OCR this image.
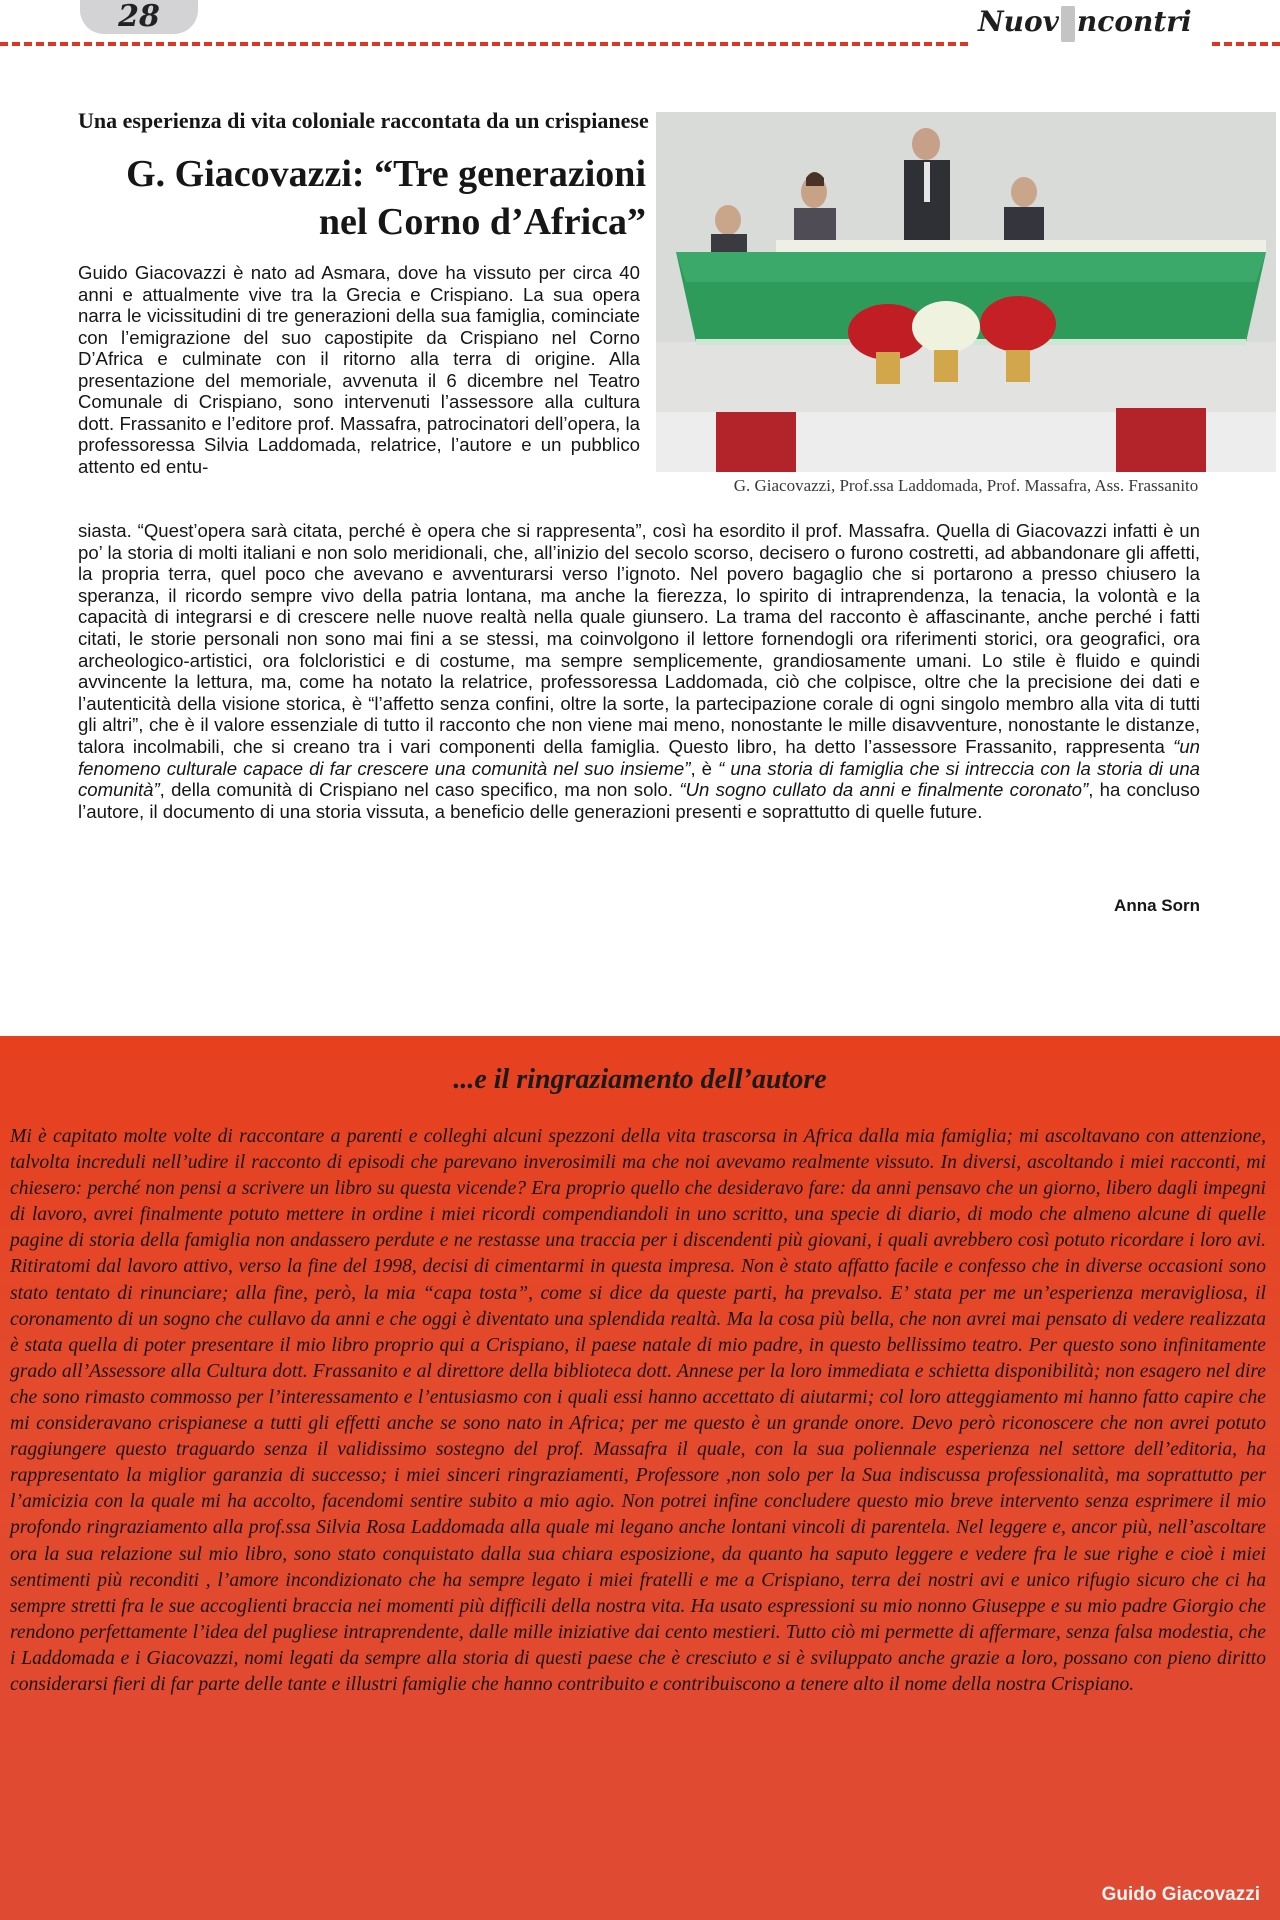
28	Nuov ncontri
Una esperienza di vita coloniale raccontata da un crispianese
G. Giacovazzi: “Tre generazioni
nel Corno d’Africa”
G. Giacovazzi, Prof.ssa Laddomada, Prof. Massafra, Ass. Frassanito

Guido Giacovazzi è nato ad Asmara, dove ha vissuto per circa 40 anni e attualmente vive tra la Grecia e Crispiano. La sua opera narra le vicissitudini di tre generazioni della sua famiglia, cominciate con l’emigrazione del suo capostipite da Crispiano nel Corno D’Africa e culminate con il ritorno alla terra di origine. Alla presentazione del memoriale, avvenuta il 6 dicembre nel Teatro Comunale di Crispiano, sono intervenuti l’assessore alla cultura dott. Frassanito e l’editore prof. Massafra, patrocinatori dell’opera, la professoressa Silvia Laddomada, relatrice, l’autore e un pubblico attento ed entu-

siasta. “Quest’opera sarà citata, perché è opera che si rappresenta”, così ha esordito il prof. Massafra. Quella di Giacovazzi infatti è un po’ la storia di molti italiani e non solo meridionali, che, all’inizio del secolo scorso, decisero o furono costretti, ad abbandonare gli affetti, la propria terra, quel poco che avevano e avventurarsi verso l’ignoto. Nel povero bagaglio che si portarono a presso chiusero la speranza, il ricordo sempre vivo della patria lontana, ma anche la fierezza, lo spirito di intraprendenza, la tenacia, la volontà e la capacità di integrarsi e di crescere nelle nuove realtà nella quale giunsero. La trama del racconto è affascinante, anche perché i fatti citati, le storie personali non sono mai fini a se stessi, ma coinvolgono il lettore fornendogli ora riferimenti storici, ora geografici, ora archeologico-artistici, ora folcloristici e di costume, ma sempre semplicemente, grandiosamente umani. Lo stile è fluido e quindi avvincente la lettura, ma, come ha notato la relatrice, professoressa Laddomada, ciò che colpisce, oltre che la precisione dei dati e l’autenticità della visione storica, è “l’affetto senza confini, oltre la sorte, la partecipazione corale di ogni singolo membro alla vita di tutti gli altri”, che è il valore essenziale di tutto il racconto che non viene mai meno, nonostante le mille disavventure, nonostante le distanze, talora incolmabili, che si creano tra i vari componenti della famiglia. Questo libro, ha detto l’assessore Frassanito, rappresenta “un fenomeno culturale capace di far crescere una comunità nel suo insieme”, è “ una storia di famiglia che si intreccia con la storia di una comunità”, della comunità di Crispiano nel caso specifico, ma non solo. “Un sogno cullato da anni e finalmente coronato”, ha concluso l’autore, il documento di una storia vissuta, a beneficio delle generazioni presenti e soprattutto di quelle future.

Anna Sorn
...e il ringraziamento dell’autore

Mi è capitato molte volte di raccontare a parenti e colleghi alcuni spezzoni della vita trascorsa in Africa dalla mia famiglia; mi ascoltavano con attenzione, talvolta increduli nell’udire il racconto di episodi che parevano inverosimili ma che noi avevamo realmente vissuto. In diversi, ascoltando i miei racconti, mi chiesero: perché non pensi a scrivere un libro su questa vicende? Era proprio quello che desideravo fare: da anni pensavo che un giorno, libero dagli impegni di lavoro, avrei finalmente potuto mettere in ordine i miei ricordi compendiandoli in uno scritto, una specie di diario, di modo che almeno alcune di quelle pagine di storia della famiglia non andassero perdute e ne restasse una traccia per i discendenti più giovani, i quali avrebbero così potuto ricordare i loro avi. Ritiratomi dal lavoro attivo, verso la fine del 1998, decisi di cimentarmi in questa impresa. Non è stato affatto facile e confesso che in diverse occasioni sono stato tentato di rinunciare; alla fine, però, la mia “capa tosta”, come si dice da queste parti, ha prevalso. E’ stata per me un’esperienza meravigliosa, il coronamento di un sogno che cullavo da anni e che oggi è diventato una splendida realtà. Ma la cosa più bella, che non avrei mai pensato di vedere realizzata è stata quella di poter presentare il mio libro proprio qui a Crispiano, il paese natale di mio padre, in questo bellissimo teatro. Per questo sono infinitamente grado all’Assessore alla Cultura dott. Frassanito e al direttore della biblioteca dott. Annese per la loro immediata e schietta disponibilità; non esagero nel dire che sono rimasto commosso per l’interessamento e l’entusiasmo con i quali essi hanno accettato di aiutarmi; col loro atteggiamento mi hanno fatto capire che mi consideravano crispianese a tutti gli effetti anche se sono nato in Africa; per me questo è un grande onore. Devo però riconoscere che non avrei potuto raggiungere questo traguardo senza il validissimo sostegno del prof. Massafra il quale, con la sua poliennale esperienza nel settore dell’editoria, ha rappresentato la miglior garanzia di successo; i miei sinceri ringraziamenti, Professore ,non solo per la Sua indiscussa professionalità, ma soprattutto per l’amicizia con la quale mi ha accolto, facendomi sentire subito a mio agio. Non potrei infine concludere questo mio breve intervento senza esprimere il mio profondo ringraziamento alla prof.ssa Silvia Rosa Laddomada alla quale mi legano anche lontani vincoli di parentela. Nel leggere e, ancor più, nell’ascoltare ora la sua relazione sul mio libro, sono stato conquistato dalla sua chiara esposizione, da quanto ha saputo leggere e vedere fra le sue righe e cioè i miei sentimenti più reconditi , l’amore incondizionato che ha sempre legato i miei fratelli e me a Crispiano, terra dei nostri avi e unico rifugio sicuro che ci ha sempre stretti fra le sue accoglienti braccia nei momenti più difficili della nostra vita. Ha usato espressioni su mio nonno Giuseppe e su mio padre Giorgio che rendono perfettamente l’idea del pugliese intraprendente, dalle mille iniziative dai cento mestieri. Tutto ciò mi permette di affermare, senza falsa modestia, che i Laddomada e i Giacovazzi, nomi legati da sempre alla storia di questi paese che è cresciuto e si è sviluppato anche grazie a loro, possano con pieno diritto considerarsi fieri di far parte delle tante e illustri famiglie che hanno contribuito e contribuiscono a tenere alto il nome della nostra Crispiano.

Guido Giacovazzi
